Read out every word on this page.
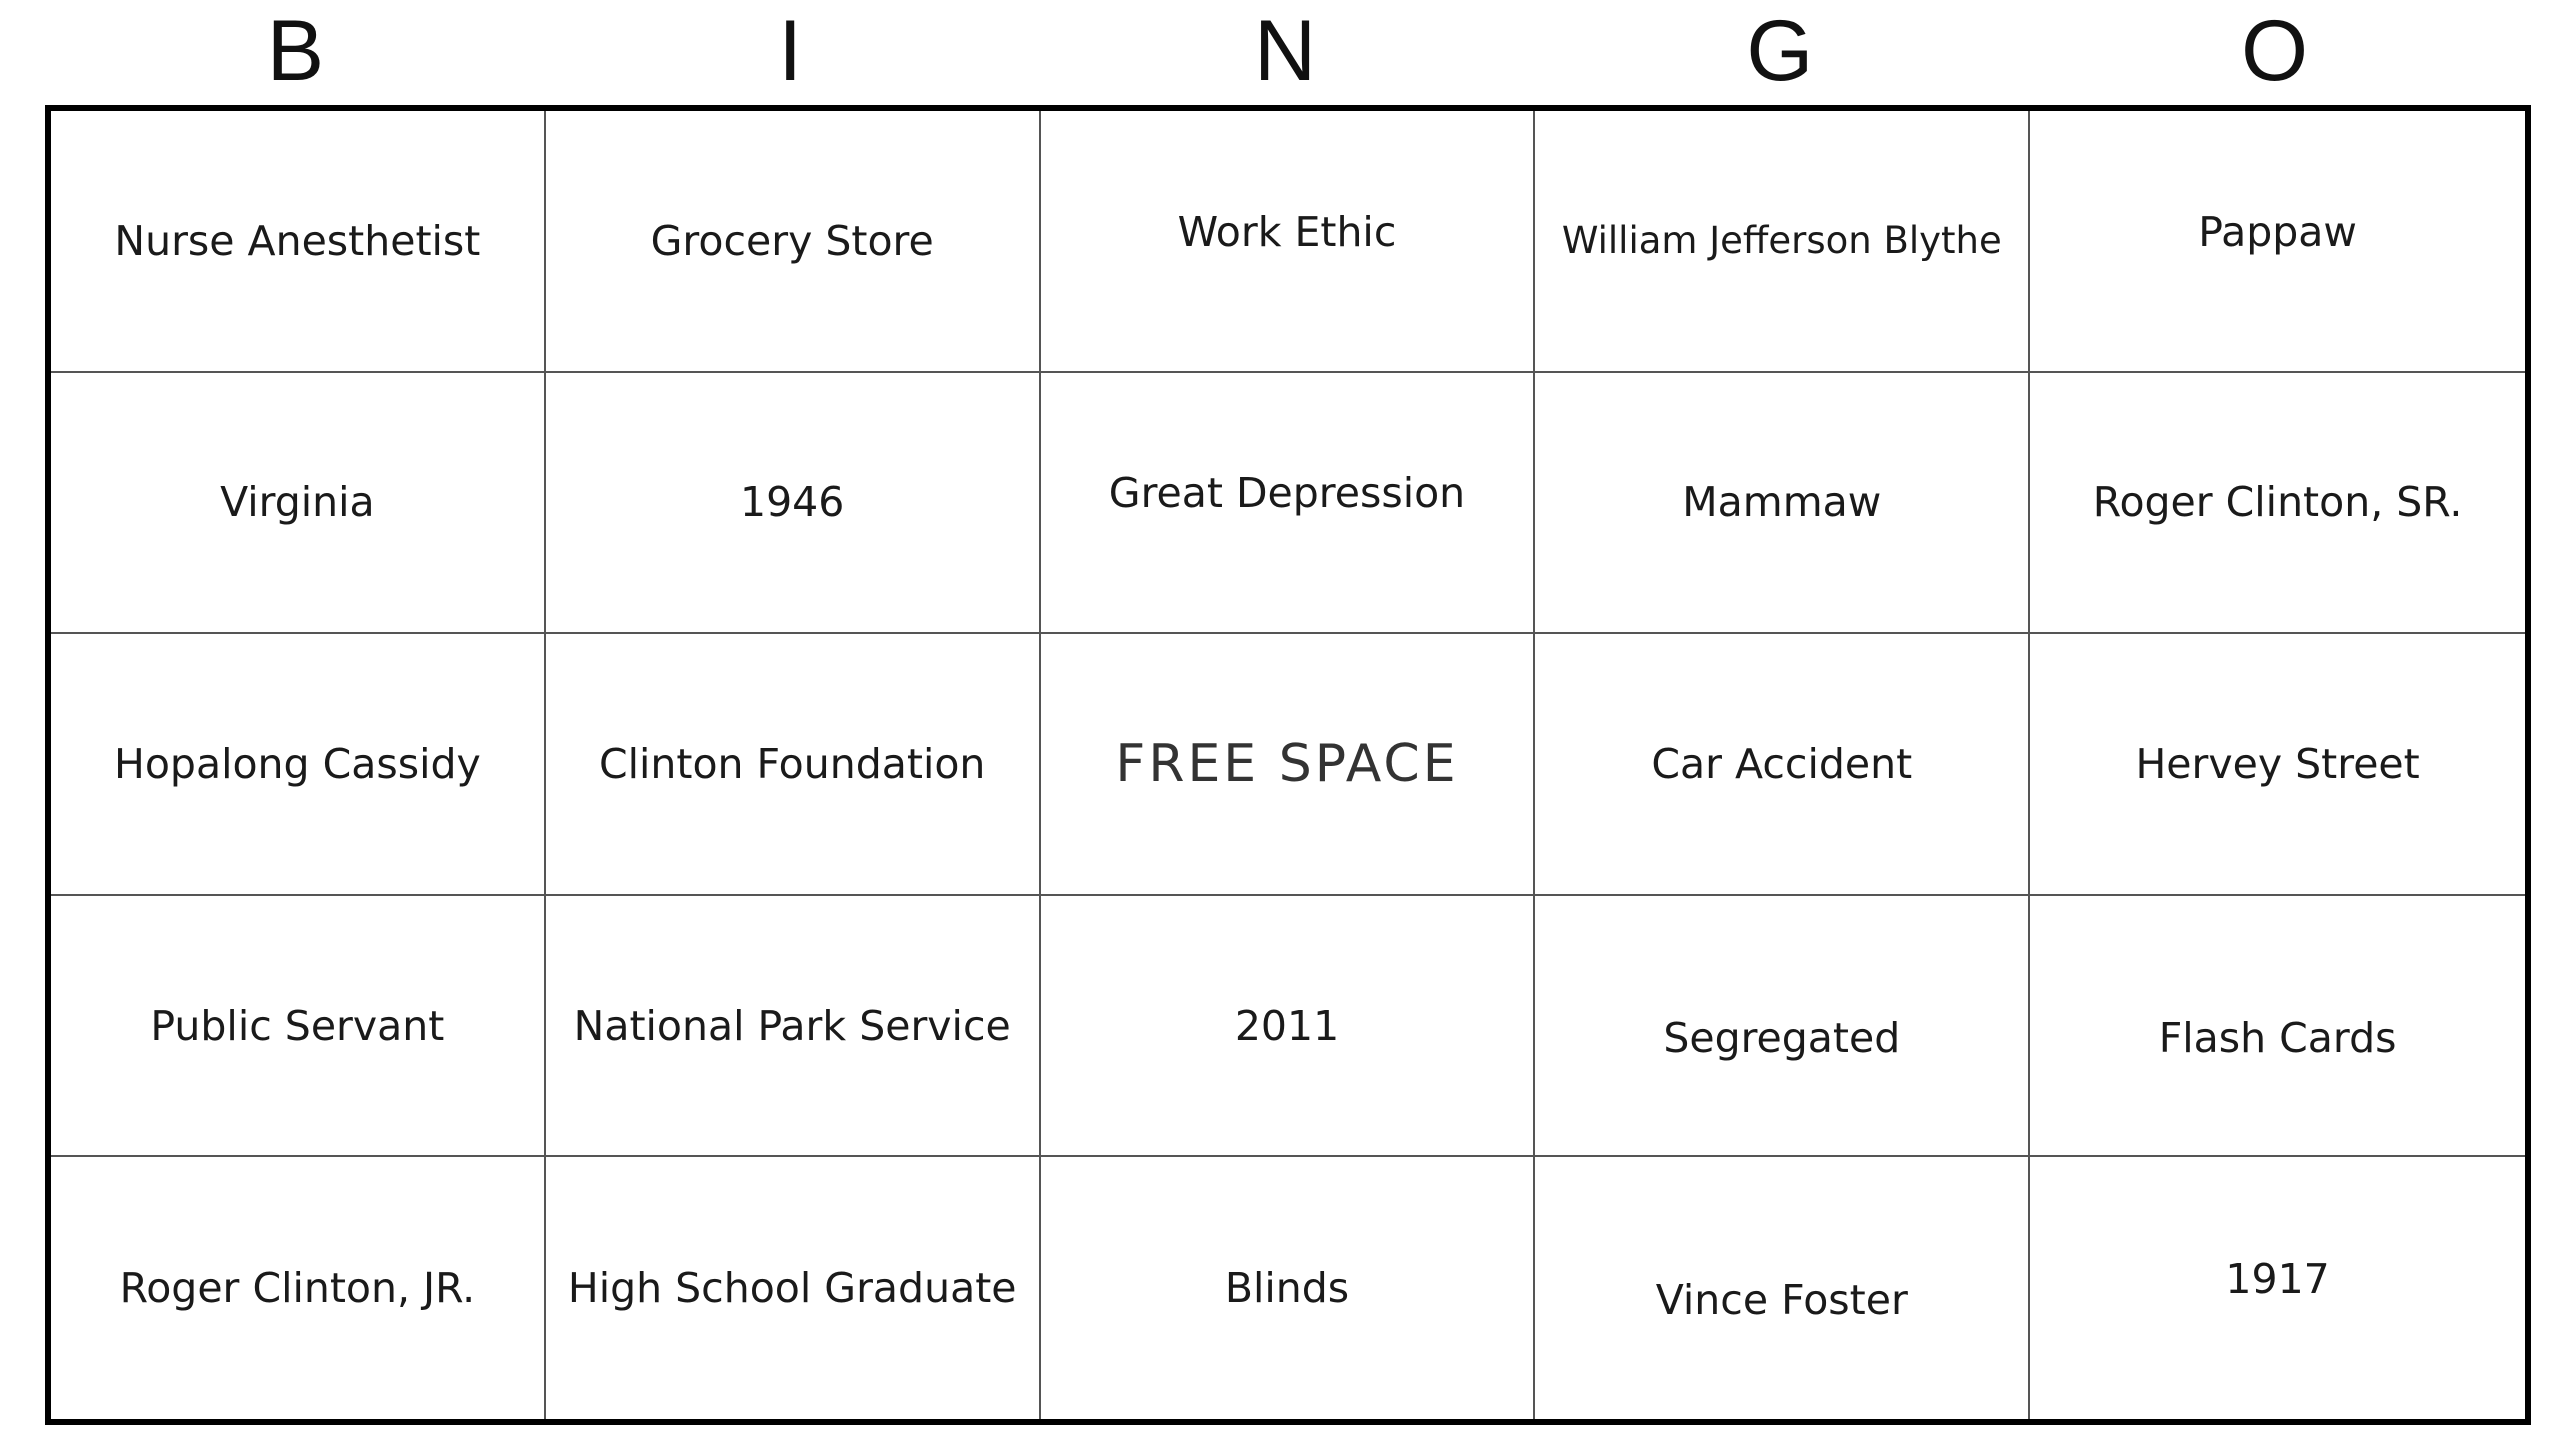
B	I	N	G	O
Nurse Anesthetist	Grocery Store	Work Ethic	William Jefferson Blythe	Pappaw
Virginia	1946	Great Depression	Mammaw	Roger Clinton, SR.
Hopalong Cassidy	Clinton Foundation	FREE SPACE	Car Accident	Hervey Street
Public Servant	National Park Service	2011	Segregated	Flash Cards
Roger Clinton, JR.	High School Graduate	Blinds	Vince Foster	1917
